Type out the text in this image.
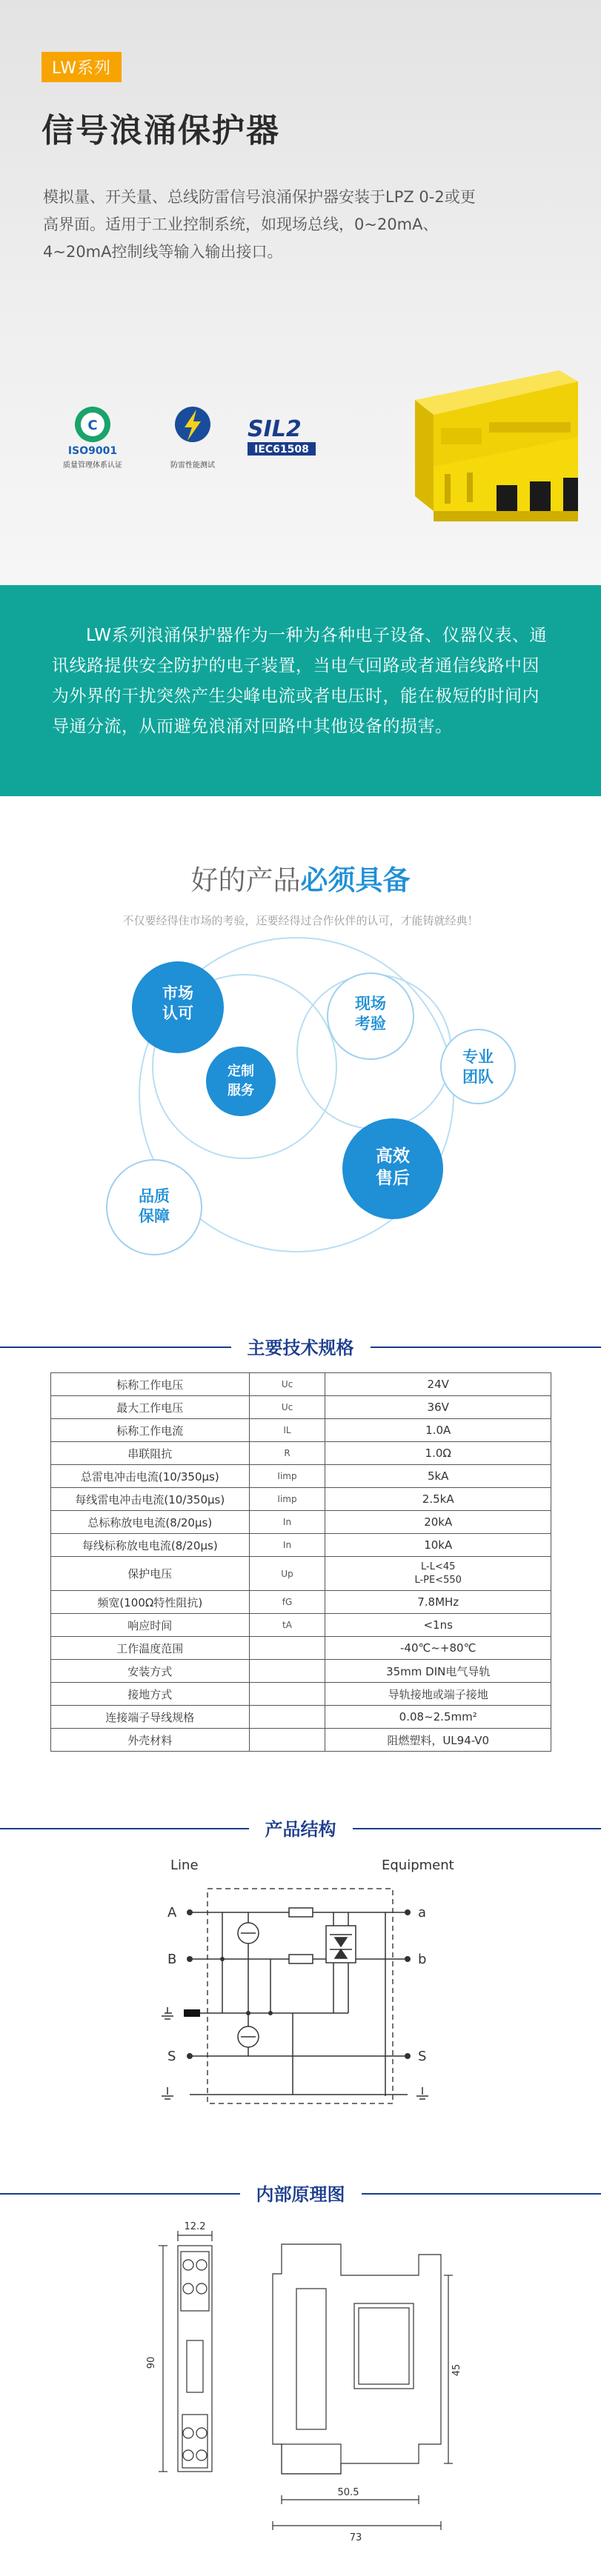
LW系列
信号浪涌保护器
模拟量、开关量、总线防雷信号浪涌保护器安装于LPZ 0-2或更高界面。适用于工业控制系统，如现场总线，0~20mA、4~20mA控制线等输入输出接口。
C
ISO9001
质量管理体系认证	防雷性能测试
SIL2
IEC61508
LW系列浪涌保护器作为一种为各种电子设备、仪器仪表、通讯线路提供安全防护的电子装置，当电气回路或者通信线路中因为外界的干扰突然产生尖峰电流或者电压时，能在极短的时间内导通分流，从而避免浪涌对回路中其他设备的损害。
好的产品必须具备
不仅要经得住市场的考验，还要经得过合作伙伴的认可，才能铸就经典！
市场
认可
现场
考验
专业
团队
定制
服务
高效
售后
品质
保障
主要技术规格
标称工作电压	Uc	24V
最大工作电压	Uc	36V
标称工作电流	IL	1.0A
串联阻抗	R	1.0Ω
总雷电冲击电流(10/350μs)	Iimp	5kA
每线雷电冲击电流(10/350μs)	Iimp	2.5kA
总标称放电电流(8/20μs)	In	20kA
每线标称放电电流(8/20μs)	In	10kA
保护电压	Up	L-L<45
L-PE<550

频宽(100Ω特性阻抗)	fG	7.8MHz
响应时间	tA	<1ns
工作温度范围		-40℃~+80℃
安装方式		35mm DIN电气导轨
接地方式		导轨接地或端子接地
连接端子导线规格		0.08~2.5mm²
外壳材料		阻燃塑料，UL94-V0
产品结构
Line	Equipment
A
B
S
a
b
S
内部原理图
12.2
90
45
50.5
73
